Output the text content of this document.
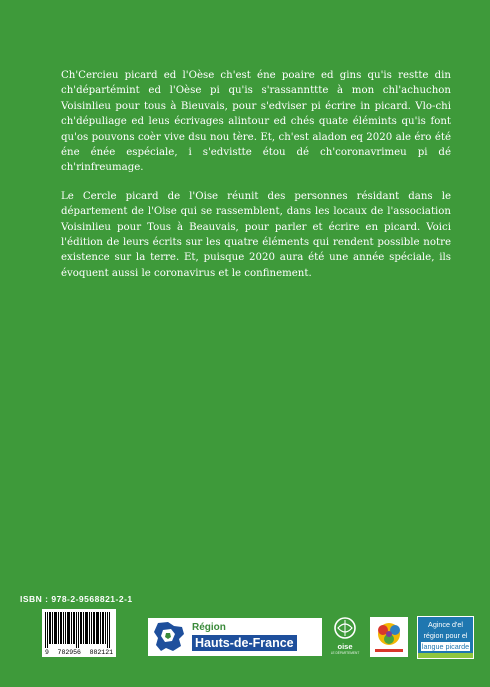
Ch'Cercieu picard ed l'Oèse ch'est éne poaire ed gins qu'is restte din ch'départémint ed l'Oèse pi qu'is s'rassannttte à mon chl'achuchon Voisinlieu pour tous à Bieuvais, pour s'edviser pi écrire in picard. Vlo-chi ch'dépuliage ed leus écrivages alintour ed chés quate élémints qu'is font qu'os pouvons coèr vive dsu nou tère. Et, ch'est aladon eq 2020 ale éro été éne énée espéciale, i s'edvistte étou dé ch'coronavrimeu pi dé ch'rinfreumage.

Le Cercle picard de l'Oise réunit des personnes résidant dans le département de l'Oise qui se rassemblent, dans les locaux de l'association Voisinlieu pour Tous à Beauvais, pour parler et écrire en picard. Voici l'édition de leurs écrits sur les quatre éléments qui rendent possible notre existence sur la terre. Et, puisque 2020 aura été une année spéciale, ils évoquent aussi le coronavirus et le confinement.

ISBN : 978-2-9568821-2-1
9 782956 882121
Région
Hauts-de-France	oise
LE DÉPARTEMENT
Agince d'el
région pour el
langue picarde
